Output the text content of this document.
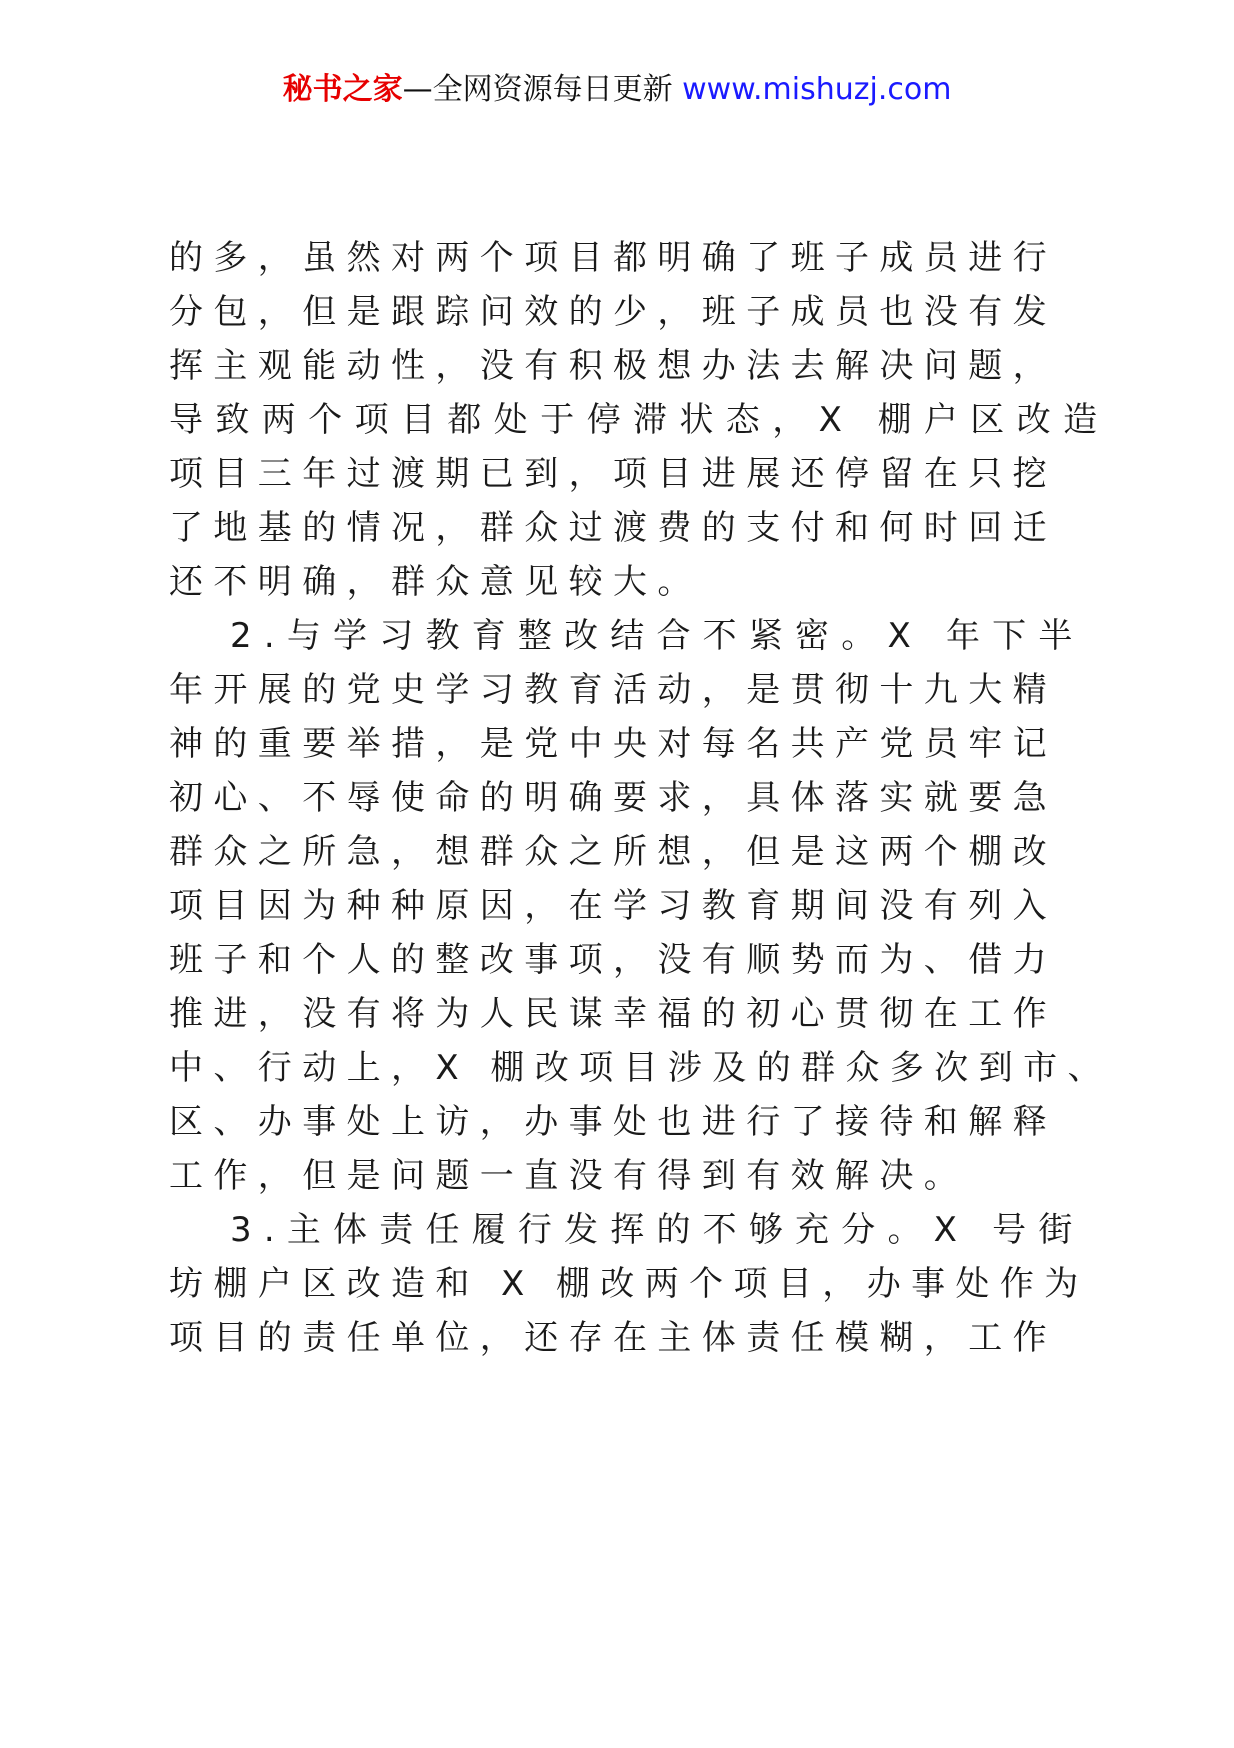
秘书之家—全网资源每日更新 www.mishuzj.com
的多，虽然对两个项目都明确了班子成员进行
分包，但是跟踪问效的少，班子成员也没有发
挥主观能动性，没有积极想办法去解决问题，
导致两个项目都处于停滞状态，X 棚户区改造
项目三年过渡期已到，项目进展还停留在只挖
了地基的情况，群众过渡费的支付和何时回迁
还不明确，群众意见较大。
2.与学习教育整改结合不紧密。X 年下半
年开展的党史学习教育活动，是贯彻十九大精
神的重要举措，是党中央对每名共产党员牢记
初心、不辱使命的明确要求，具体落实就要急
群众之所急，想群众之所想，但是这两个棚改
项目因为种种原因，在学习教育期间没有列入
班子和个人的整改事项，没有顺势而为、借力
推进，没有将为人民谋幸福的初心贯彻在工作
中、行动上，X 棚改项目涉及的群众多次到市、
区、办事处上访，办事处也进行了接待和解释
工作，但是问题一直没有得到有效解决。
3.主体责任履行发挥的不够充分。X 号街
坊棚户区改造和 X 棚改两个项目，办事处作为
项目的责任单位，还存在主体责任模糊，工作
